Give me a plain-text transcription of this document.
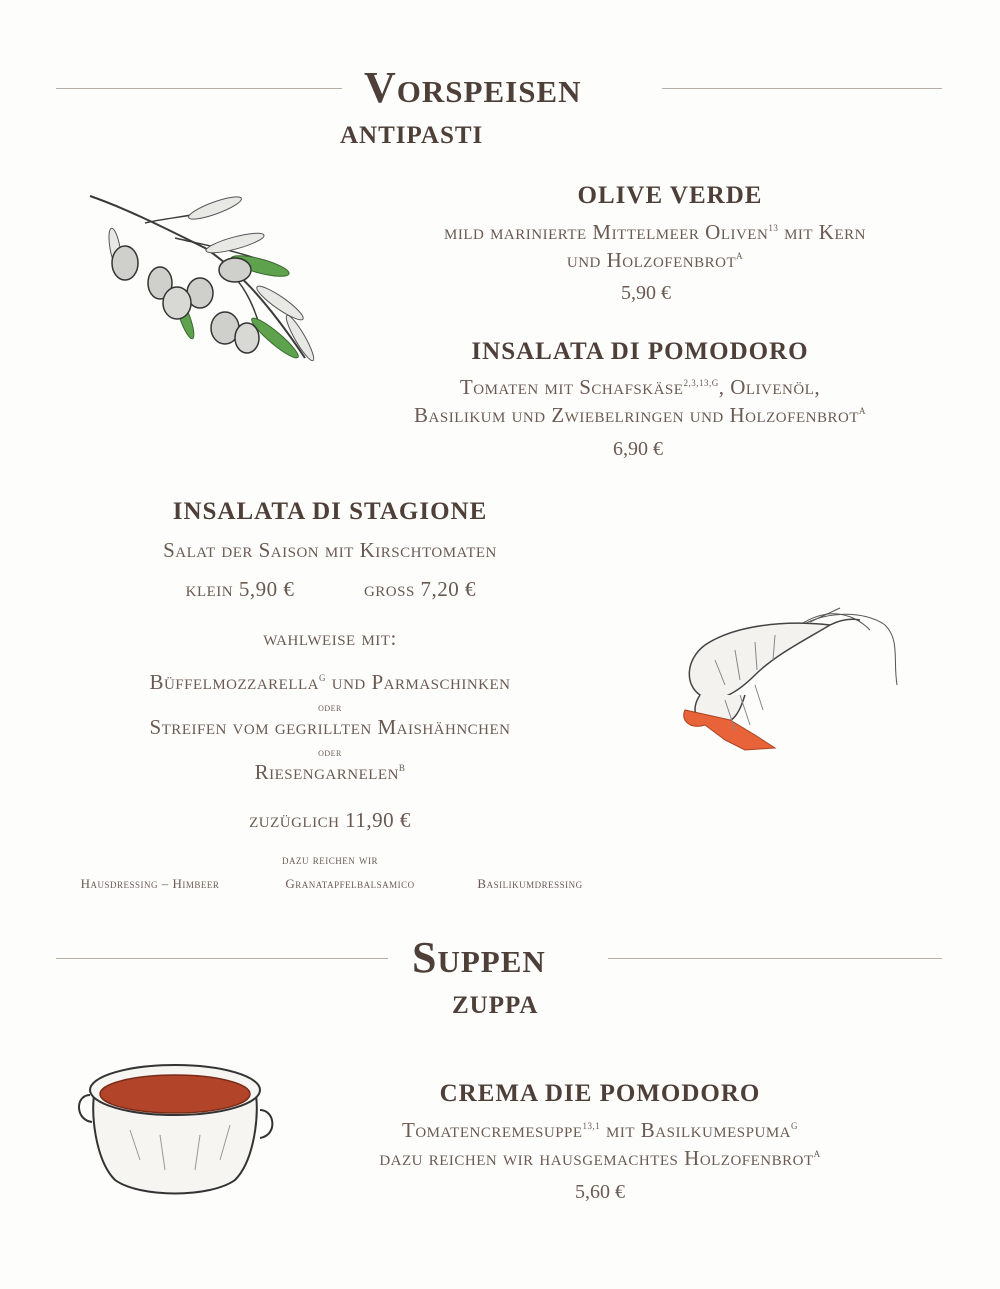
Vorspeisen
ANTIPASTI
OLIVE VERDE
mild marinierte Mittelmeer Oliven$^{13}$ mit Kern
und Holzofenbrot$^A$
5,90 €
INSALATA DI POMODORO
Tomaten mit Schafskäse$^{2,3,13,G}$, Olivenöl,
Basilikum und Zwiebelringen und Holzofenbrot$^A$
6,90 €
INSALATA DI STAGIONE
Salat der Saison mit Kirschtomaten
klein 5,90 €	gross 7,20 €
wahlweise mit:
Büffelmozzarella$^G$ und Parmaschinken
oder
Streifen vom gegrillten Maishähnchen
oder
Riesengarnelen$^B$
zuzüglich 11,90 €
dazu reichen wir
Hausdressing – Himbeer	Granatapfelbalsamico	Basilikumdressing
Suppen
ZUPPA
CREMA DIE POMODORO
Tomatencremesuppe$^{13,1}$ mit Basilkumespuma$^G$
dazu reichen wir hausgemachtes Holzofenbrot$^A$
5,60 €
